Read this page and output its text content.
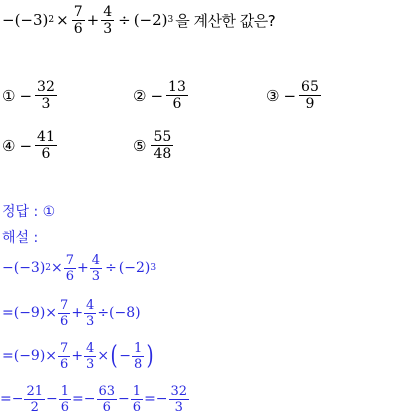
−(−3) $2 \times \frac{7}{6} + \frac{4}{3} \div (-2)$ 3 을 계산한 값은?
① − $\frac{32}{3}$	② − $\frac{13}{6}$	③ − $\frac{65}{9}$
④ − $\frac{41}{6}$	⑤ $\frac{55}{48}$
정답 : ①
해설 :
−(−3) $2 \times \frac{7}{6} + \frac{4}{3} \div (-2)$ 3
$=(-9)\times \frac{7}{6} + \frac{4}{3} \div(-8)$
$=(-9)\times \frac{7}{6} + \frac{4}{3}$ × ( − $\frac{1}{8}$ )
=− $\frac{21}{2} - \frac{1}{6} =- \frac{63}{6} - \frac{1}{6} =- \frac{32}{3}$
